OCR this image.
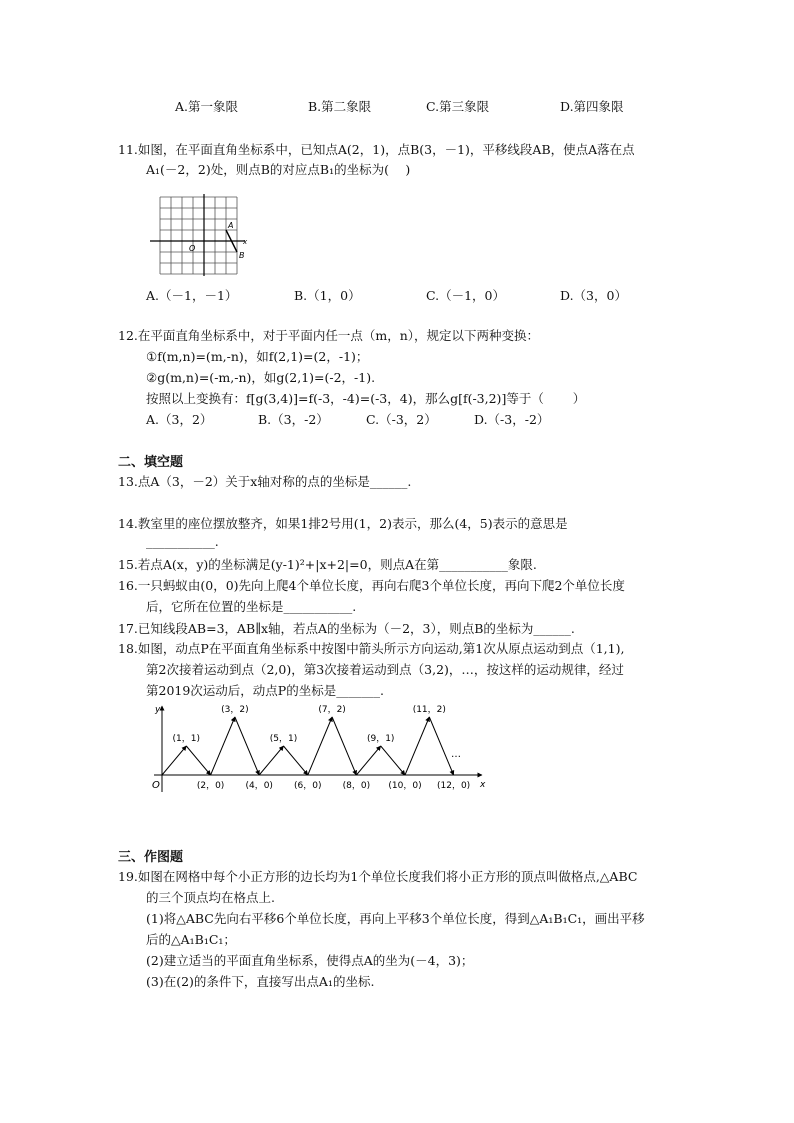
A.第一象限	B.第二象限	C.第三象限	D.第四象限
11.如图，在平面直角坐标系中，已知点A(2，1)，点B(3，－1)，平移线段AB，使点A落在点
A₁(－2，2)处，则点B的对应点B₁的坐标为(　 )
A
B
O
x
A.（－1，－1）	B.（1，0）	C.（－1，0）	D.（3，0）
12.在平面直角坐标系中，对于平面内任一点（m，n），规定以下两种变换：
①f(m,n)=(m,-n)，如f(2,1)=(2，-1)；
②g(m,n)=(-m,-n)，如g(2,1)=(-2，-1).
按照以上变换有：f[g(3,4)]=f(-3，-4)=(-3，4)，那么g[f(-3,2)]等于（　　 ）
A.（3，2）	B.（3，-2）	C.（-3，2）	D.（-3，-2）
二、填空题
13.点A（3，－2）关于x轴对称的点的坐标是______.
14.教室里的座位摆放整齐，如果1排2号用(1，2)表示，那么(4，5)表示的意思是
___________.
15.若点A(x，y)的坐标满足(y-1)²+|x+2|=0，则点A在第___________象限.
16.一只蚂蚁由(0，0)先向上爬4个单位长度，再向右爬3个单位长度，再向下爬2个单位长度
后，它所在位置的坐标是___________.
17.已知线段AB=3，AB∥x轴，若点A的坐标为（－2，3），则点B的坐标为______.
18.如图，动点P在平面直角坐标系中按图中箭头所示方向运动,第1次从原点运动到点（1,1),
第2次接着运动到点（2,0)，第3次接着运动到点（3,2)，…，按这样的运动规律，经过
第2019次运动后，动点P的坐标是_______.
x
y
O
(1，1)
(3，2)
(5，1)
(7，2)
(9，1)
(11，2)
(2，0) (4，0) (6，0) (8，0) (10，0) (12，0)
…
三、作图题
19.如图在网格中每个小正方形的边长均为1个单位长度我们将小正方形的顶点叫做格点,△ABC
的三个顶点均在格点上.
(1)将△ABC先向右平移6个单位长度，再向上平移3个单位长度，得到△A₁B₁C₁，画出平移
后的△A₁B₁C₁；
(2)建立适当的平面直角坐标系，使得点A的坐为(－4，3)；
(3)在(2)的条件下，直接写出点A₁的坐标.
